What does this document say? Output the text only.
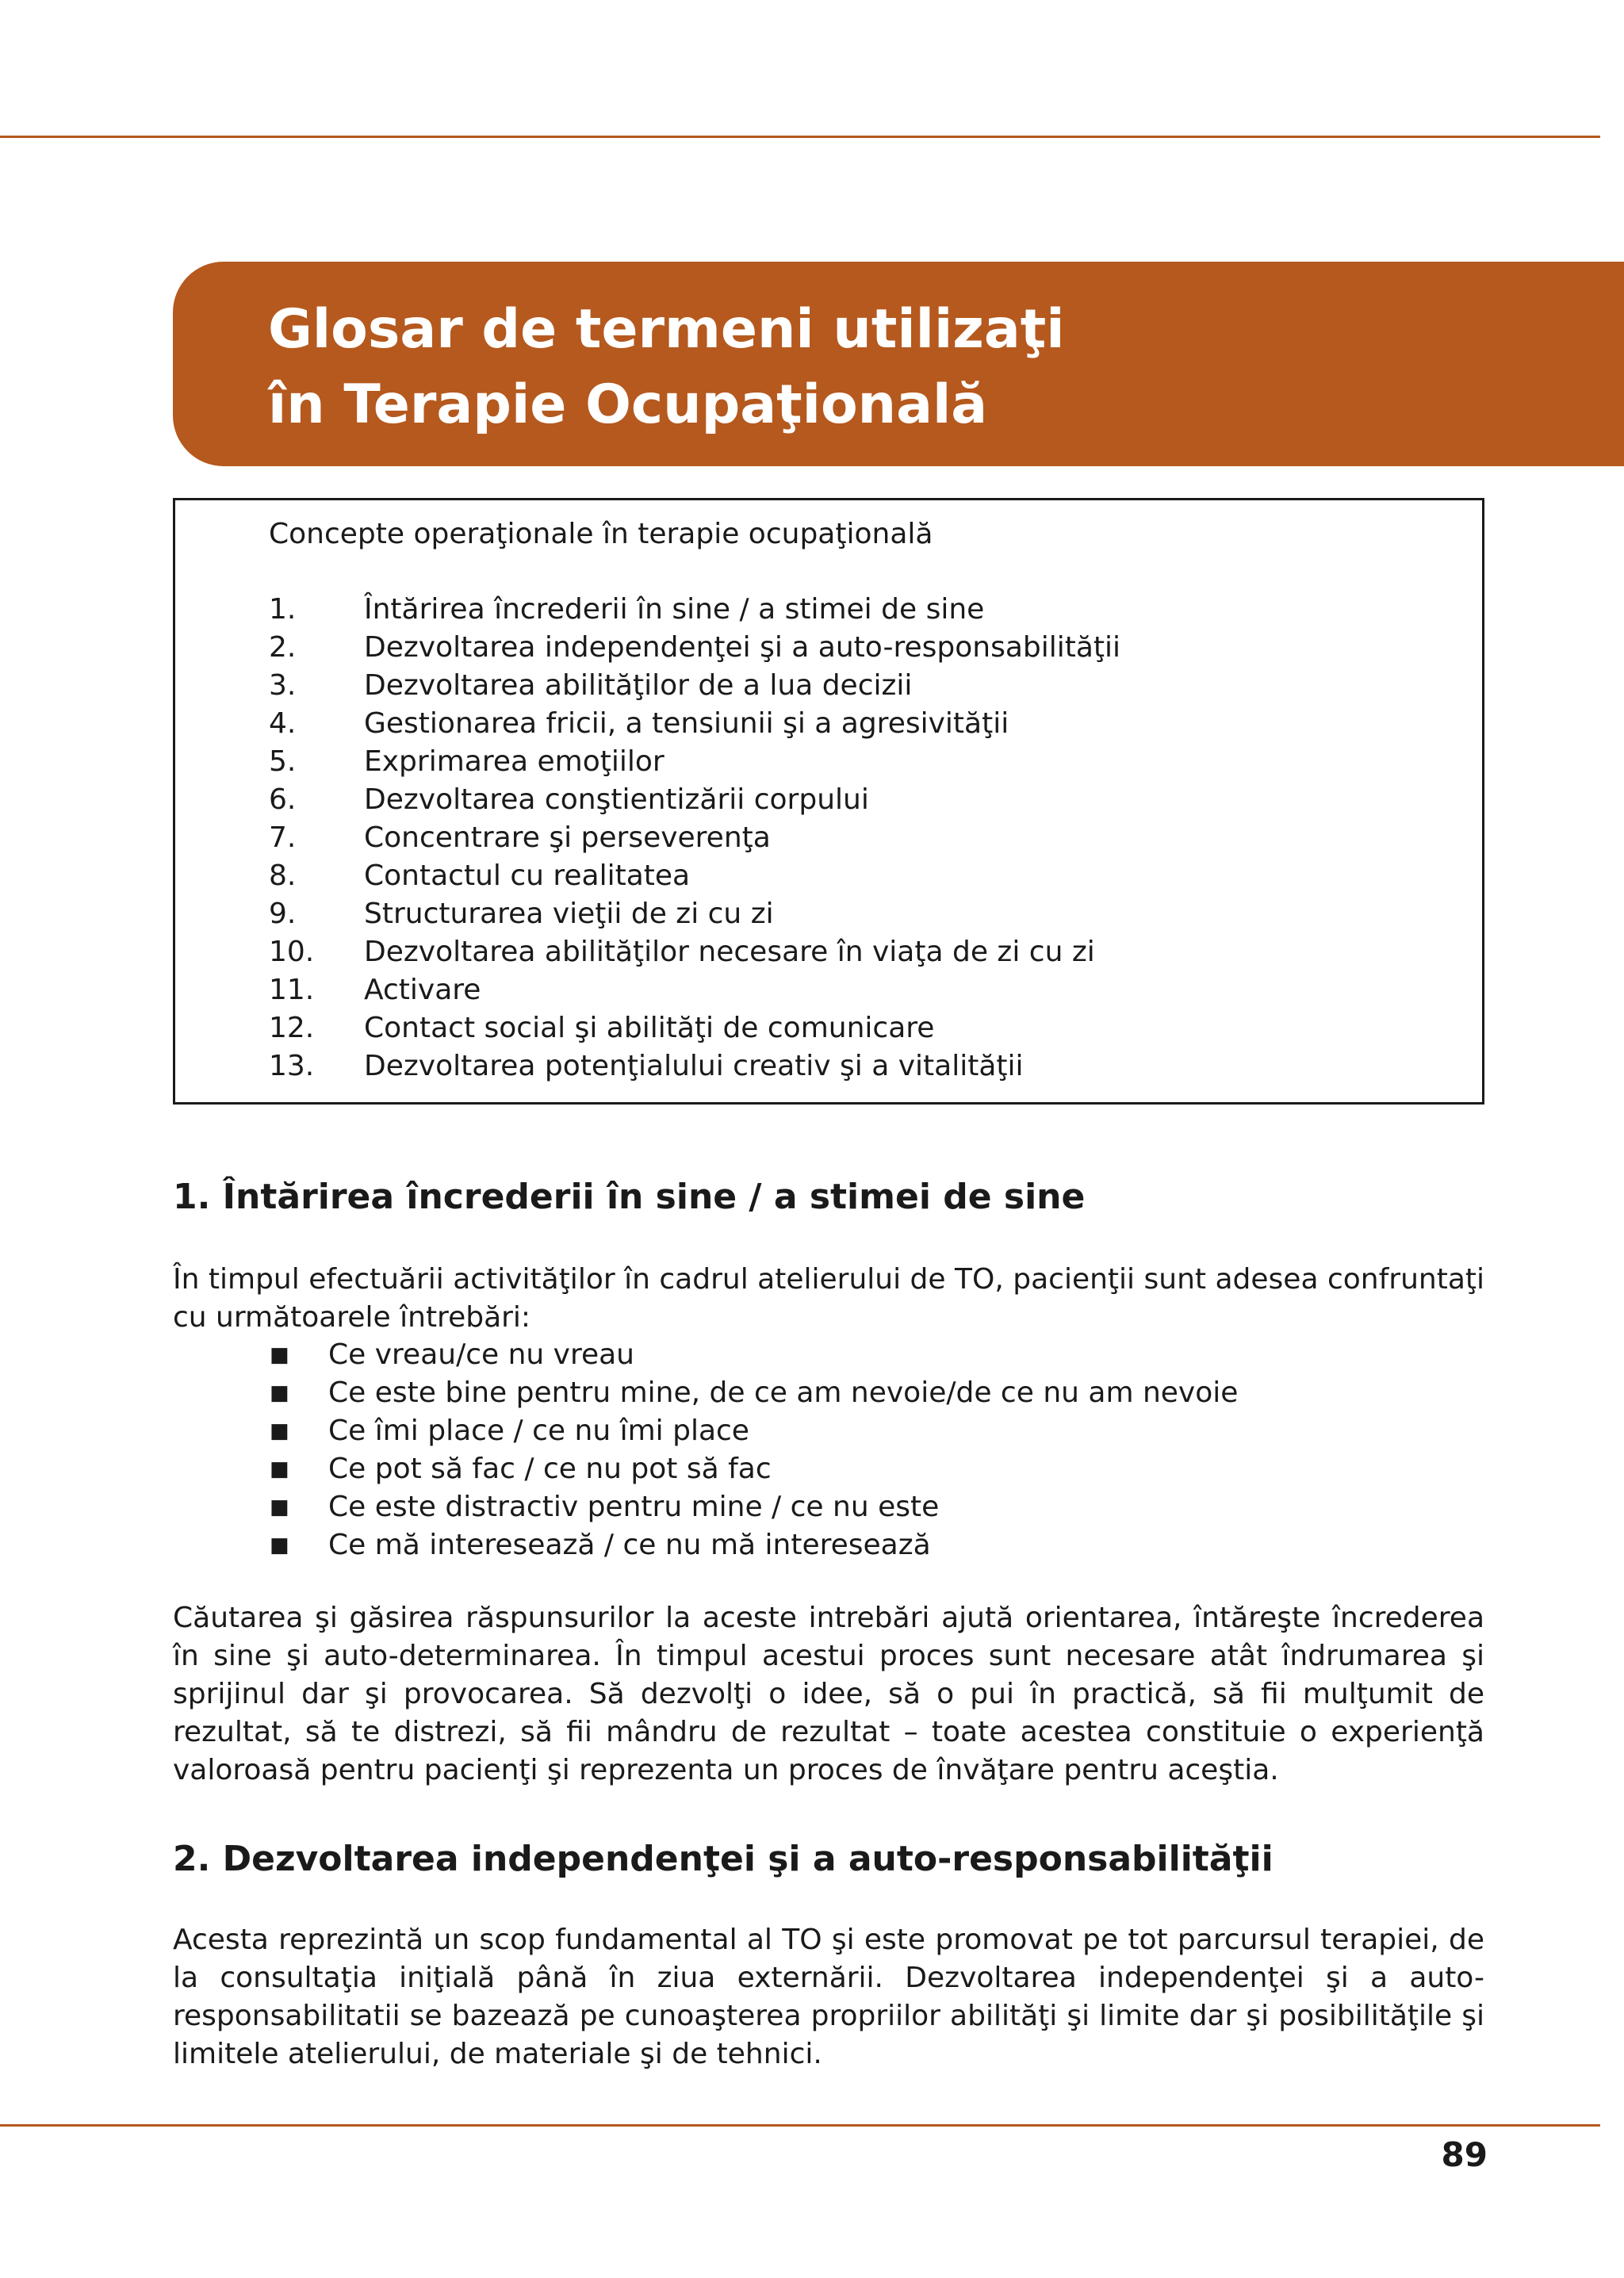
Glosar de termeni utilizaţi
în Terapie Ocupaţională
Concepte operaţionale în terapie ocupaţională
1. Întărirea încrederii în sine / a stimei de sine
2. Dezvoltarea independenţei şi a auto-responsabilităţii
3. Dezvoltarea abilităţilor de a lua decizii
4. Gestionarea fricii, a tensiunii şi a agresivităţii
5. Exprimarea emoţiilor
6. Dezvoltarea conştientizării corpului
7. Concentrare şi perseverenţa
8. Contactul cu realitatea
9. Structurarea vieţii de zi cu zi
10. Dezvoltarea abilităţilor necesare în viaţa de zi cu zi
11. Activare
12. Contact social şi abilităţi de comunicare
13. Dezvoltarea potenţialului creativ şi a vitalităţii
1. Întărirea încrederii în sine / a stimei de sine

În timpul efectuării activităţilor în cadrul atelierului de TO, pacienţii sunt adesea confruntaţi cu următoarele întrebări:

■ Ce vreau/ce nu vreau
■ Ce este bine pentru mine, de ce am nevoie/de ce nu am nevoie
■ Ce îmi place / ce nu îmi place
■ Ce pot să fac / ce nu pot să fac
■ Ce este distractiv pentru mine / ce nu este
■ Ce mă interesează / ce nu mă interesează

Căutarea şi găsirea răspunsurilor la aceste intrebări ajută orientarea, întăreşte încrederea în sine şi auto-determinarea. În timpul acestui proces sunt necesare atât îndrumarea şi sprijinul dar şi provocarea. Să dezvolţi o idee, să o pui în practică, să fii mulţumit de rezultat, să te distrezi, să fii mândru de rezultat – toate acestea constituie o experienţă valoroasă pentru pacienţi şi reprezenta un proces de învăţare pentru aceştia.

2. Dezvoltarea independenţei şi a auto-responsabilităţii

Acesta reprezintă un scop fundamental al TO şi este promovat pe tot parcursul terapiei, de la consultaţia iniţială până în ziua externării. Dezvoltarea independenţei şi a auto-responsabilitatii se bazează pe cunoaşterea propriilor abilităţi şi limite dar şi posibilităţile şi limitele atelierului, de materiale şi de tehnici.

89
